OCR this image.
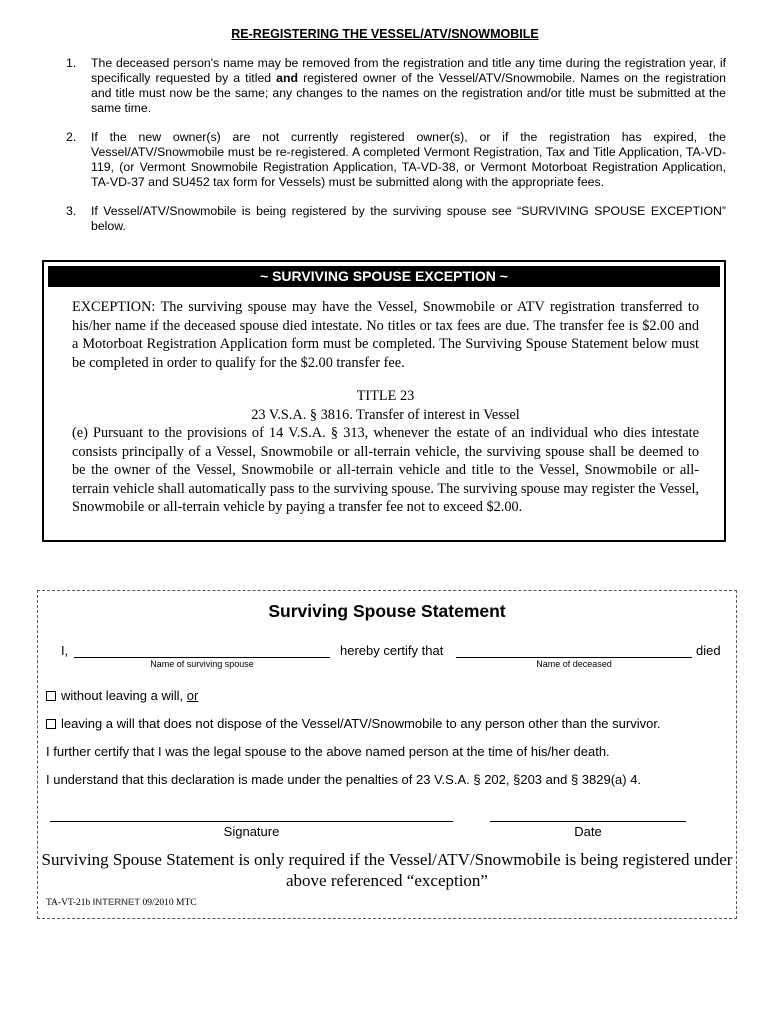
RE-REGISTERING THE VESSEL/ATV/SNOWMOBILE
1. The deceased person's name may be removed from the registration and title any time during the registration year, if specifically requested by a titled and registered owner of the Vessel/ATV/Snowmobile. Names on the registration and title must now be the same; any changes to the names on the registration and/or title must be submitted at the same time.
2. If the new owner(s) are not currently registered owner(s), or if the registration has expired, the Vessel/ATV/Snowmobile must be re-registered. A completed Vermont Registration, Tax and Title Application, TA-VD-119, (or Vermont Snowmobile Registration Application, TA-VD-38, or Vermont Motorboat Registration Application, TA-VD-37 and SU452 tax form for Vessels) must be submitted along with the appropriate fees.
3. If Vessel/ATV/Snowmobile is being registered by the surviving spouse see “SURVIVING SPOUSE EXCEPTION” below.
~ SURVIVING SPOUSE EXCEPTION ~
EXCEPTION: The surviving spouse may have the Vessel, Snowmobile or ATV registration transferred to his/her name if the deceased spouse died intestate. No titles or tax fees are due. The transfer fee is $2.00 and a Motorboat Registration Application form must be completed. The Surviving Spouse Statement below must be completed in order to qualify for the $2.00 transfer fee.
TITLE 23
23 V.S.A. § 3816. Transfer of interest in Vessel
(e) Pursuant to the provisions of 14 V.S.A. § 313, whenever the estate of an individual who dies intestate consists principally of a Vessel, Snowmobile or all-terrain vehicle, the surviving spouse shall be deemed to be the owner of the Vessel, Snowmobile or all-terrain vehicle and title to the Vessel, Snowmobile or all-terrain vehicle shall automatically pass to the surviving spouse. The surviving spouse may register the Vessel, Snowmobile or all-terrain vehicle by paying a transfer fee not to exceed $2.00.
Surviving Spouse Statement
I,
Name of surviving spouse
hereby certify that
Name of deceased
died
without leaving a will, or
leaving a will that does not dispose of the Vessel/ATV/Snowmobile to any person other than the survivor.
I further certify that I was the legal spouse to the above named person at the time of his/her death.
I understand that this declaration is made under the penalties of 23 V.S.A. § 202, §203 and § 3829(a) 4.
Signature	Date
Surviving Spouse Statement is only required if the Vessel/ATV/Snowmobile is being registered under above referenced “exception”
TA-VT-21b INTERNET 09/2010 MTC
